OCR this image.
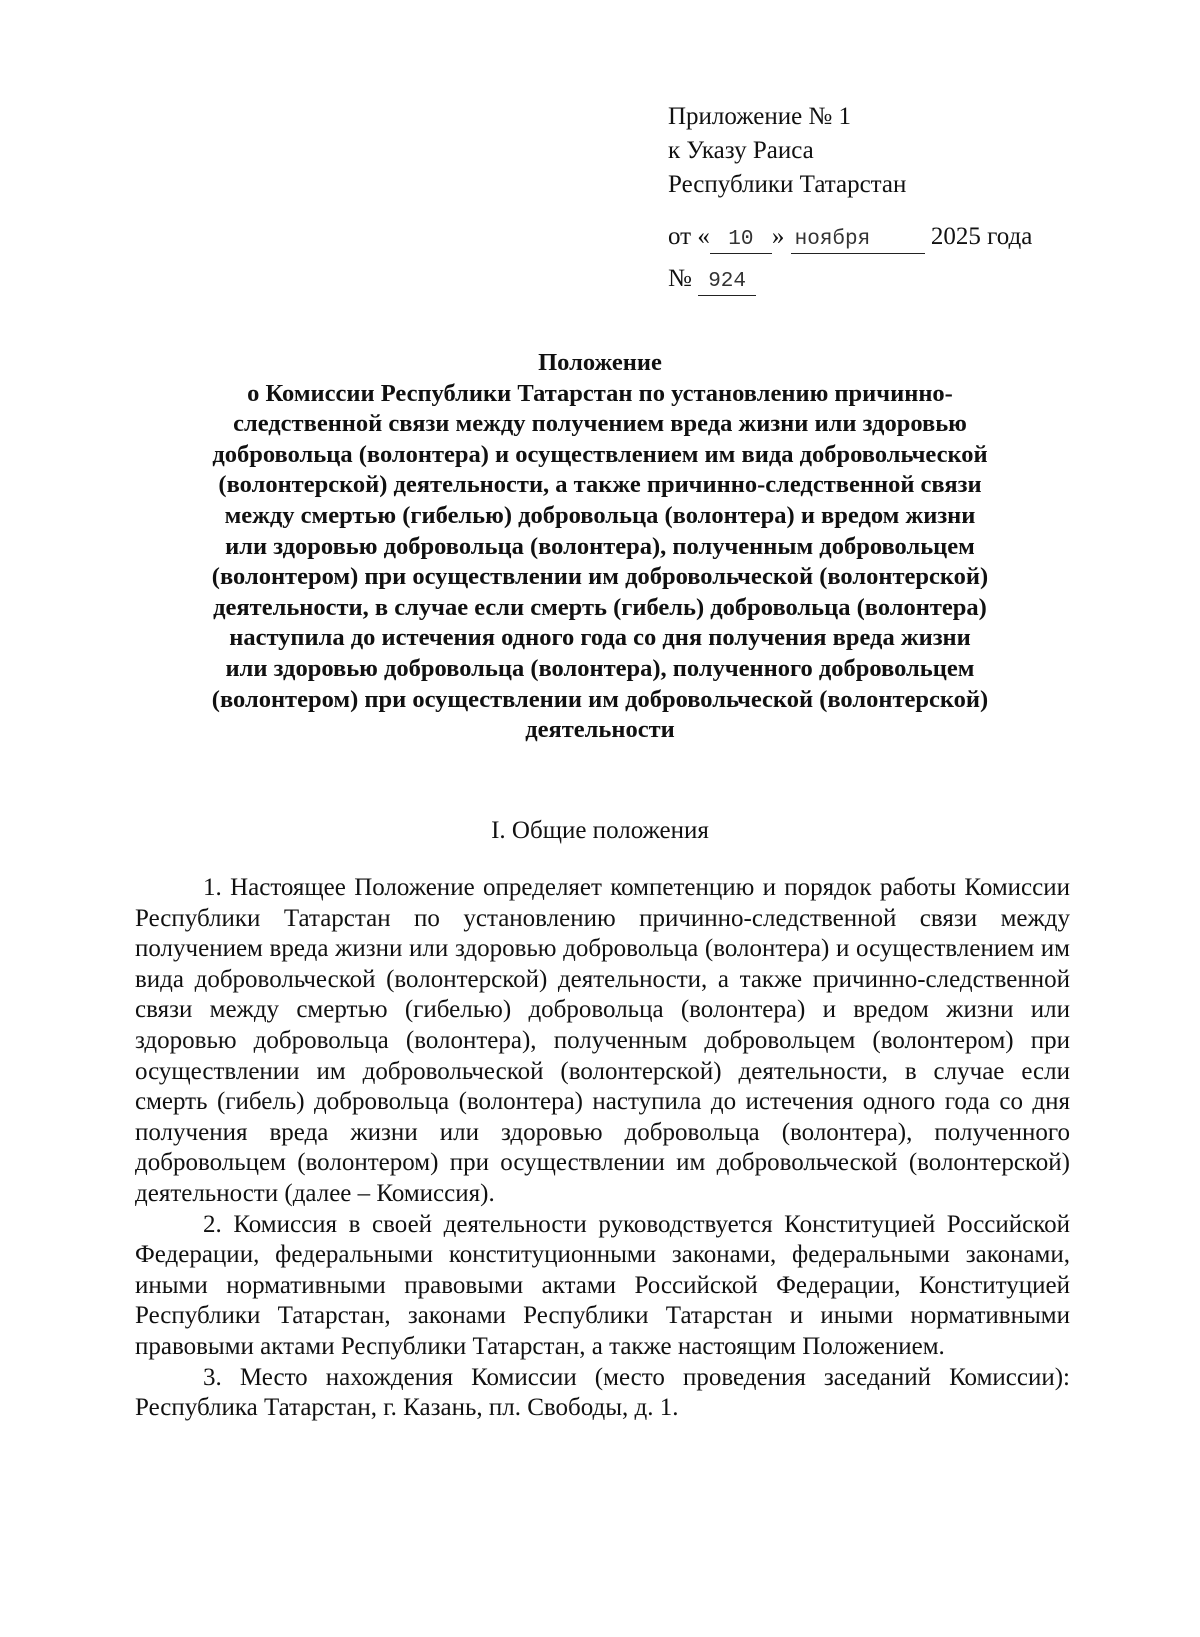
Приложение № 1
к Указу Раиса
Республики Татарстан
от « 10 » ноября 2025 года
№ 924
Положение
о Комиссии Республики Татарстан по установлению причинно-
следственной связи между получением вреда жизни или здоровью
добровольца (волонтера) и осуществлением им вида добровольческой
(волонтерской) деятельности, а также причинно-следственной связи
между смертью (гибелью) добровольца (волонтера) и вредом жизни
или здоровью добровольца (волонтера), полученным добровольцем
(волонтером) при осуществлении им добровольческой (волонтерской)
деятельности, в случае если смерть (гибель) добровольца (волонтера)
наступила до истечения одного года со дня получения вреда жизни
или здоровью добровольца (волонтера), полученного добровольцем
(волонтером) при осуществлении им добровольческой (волонтерской)
деятельности
I. Общие положения

1. Настоящее Положение определяет компетенцию и порядок работы Комиссии Республики Татарстан по установлению причинно-следственной связи между получением вреда жизни или здоровью добровольца (волонтера) и осуществлением им вида добровольческой (волонтерской) деятельности, а также причинно-следственной связи между смертью (гибелью) добровольца (волонтера) и вредом жизни или здоровью добровольца (волонтера), полученным добровольцем (волонтером) при осуществлении им добровольческой (волонтерской) деятельности, в случае если смерть (гибель) добровольца (волонтера) наступила до истечения одного года со дня получения вреда жизни или здоровью добровольца (волонтера), полученного добровольцем (волонтером) при осуществлении им добровольческой (волонтерской) деятельности (далее – Комиссия).

2. Комиссия в своей деятельности руководствуется Конституцией Российской Федерации, федеральными конституционными законами, федеральными законами, иными нормативными правовыми актами Российской Федерации, Конституцией Республики Татарстан, законами Республики Татарстан и иными нормативными правовыми актами Республики Татарстан, а также настоящим Положением.

3. Место нахождения Комиссии (место проведения заседаний Комиссии): Республика Татарстан, г. Казань, пл. Свободы, д. 1.
